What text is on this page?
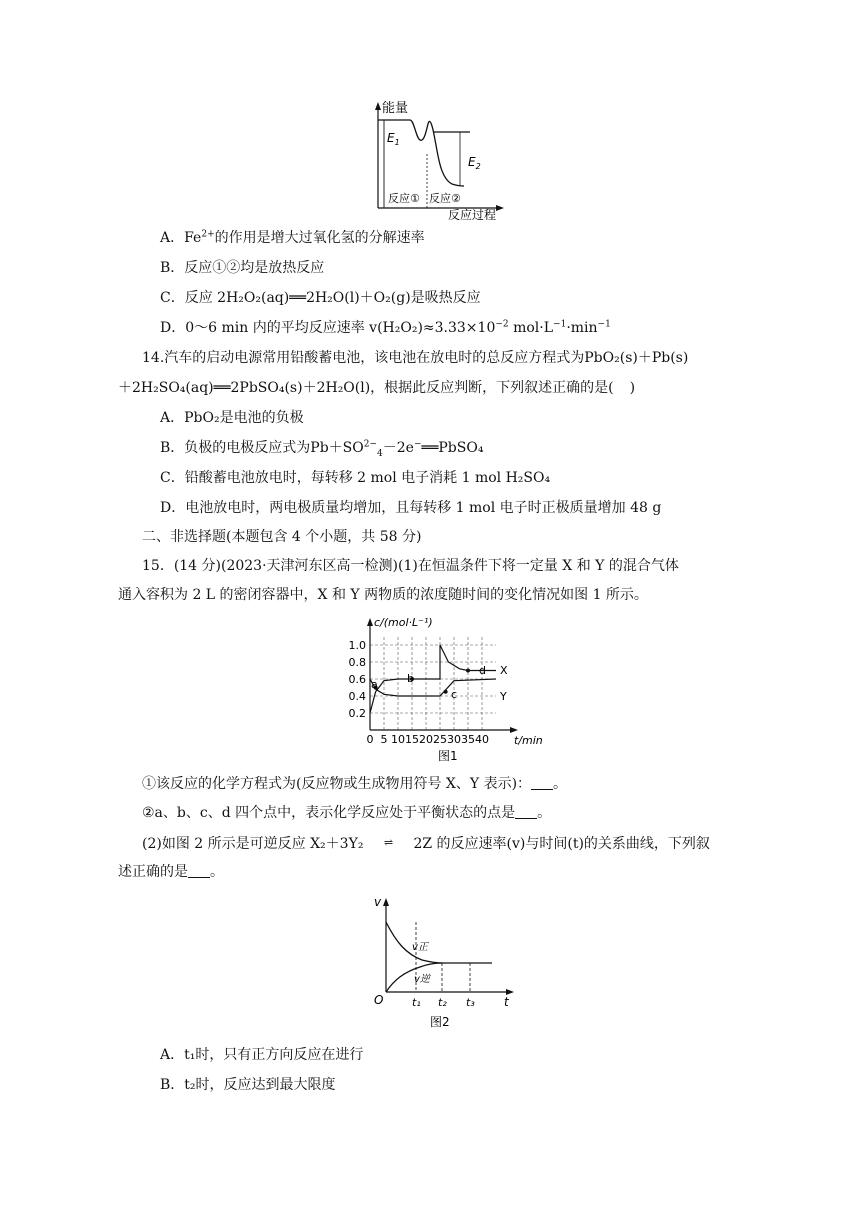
能量
$E_1$
$E_2$
反应① 反应②
反应过程
A．$Fe^{2+}$的作用是增大过氧化氢的分解速率
B．反应①②均是放热反应
C．反应 2H₂O₂(aq)══2H₂O(l)＋O₂(g)是吸热反应
D．0～6 min 内的平均反应速率 $v(H_2O_2)\approx 3.33\times 10^{-2}$ $mol\cdot L^{-1}\cdot\min^{-1}$
14.汽车的启动电源常用铅酸蓄电池，该电池在放电时的总反应方程式为PbO₂(s)＋Pb(s)
＋2H₂SO₄(aq)══2PbSO₄(s)＋2H₂O(l)，根据此反应判断，下列叙述正确的是( )
A．PbO₂是电池的负极
B．负极的电极反应式为$Pb+SO^{2-}_4-2e^-══PbSO_4$
C．铅酸蓄电池放电时，每转移 2 mol 电子消耗 1 mol H₂SO₄
D．电池放电时，两电极质量均增加，且每转移 1 mol 电子时正极质量增加 48 g
二、非选择题(本题包含 4 个小题，共 58 分)
15．(14 分)(2023·天津河东区高一检测)(1)在恒温条件下将一定量 X 和 Y 的混合气体
通入容积为 2 L 的密闭容器中，X 和 Y 两物质的浓度随时间的变化情况如图 1 所示。
1.0
0.8
0.6
0.4
0.2
0 5 10 15 20 25 30 35 40
c/(mol·L⁻¹)
t/min
a	b
c
d X
Y
图1
①该反应的化学方程式为(反应物或生成物用符号 X、Y 表示)： 。
②a、b、c、d 四个点中，表示化学反应处于平衡状态的点是 。
(2)如图 2 所示是可逆反应 X₂＋3Y₂ ⇌ 2Z 的反应速率(v)与时间(t)的关系曲线，下列叙
述正确的是 。
v
v正
v逆
O	t₁ t₂ t₃ t
图2
A．t₁时，只有正方向反应在进行
B．t₂时，反应达到最大限度
